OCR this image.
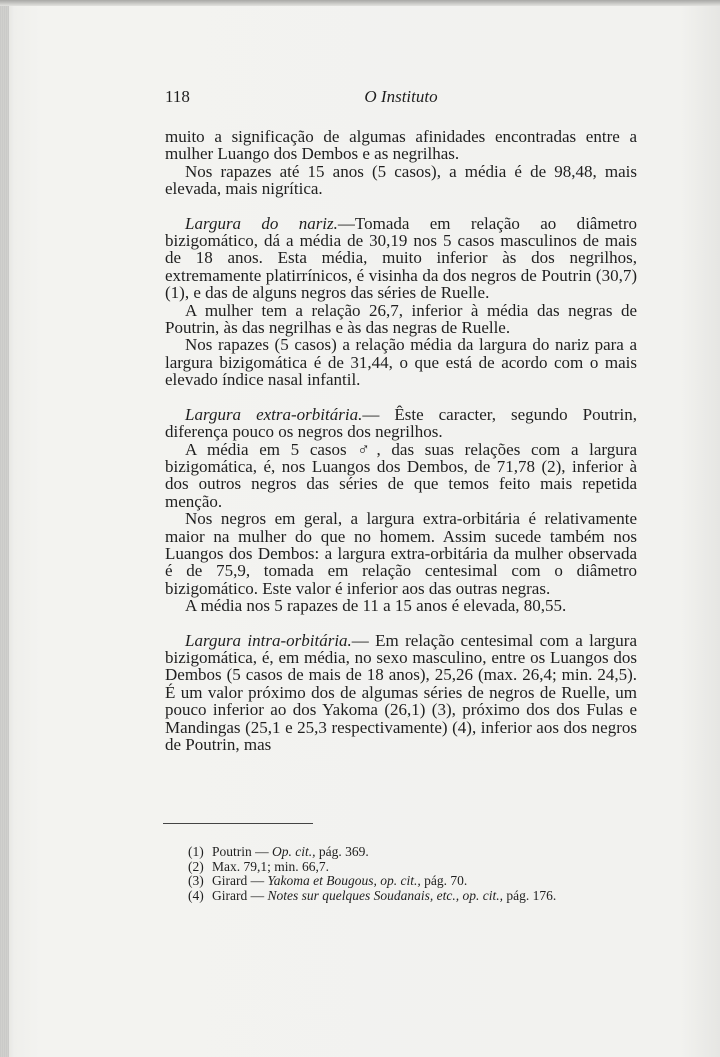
118	O Instituto

muito a significação de algumas afinidades encontradas entre a mulher Luango dos Dembos e as negrilhas.

Nos rapazes até 15 anos (5 casos), a média é de 98,48, mais elevada, mais nigrítica.

Largura do nariz.—Tomada em relação ao diâmetro bizigomático, dá a média de 30,19 nos 5 casos masculinos de mais de 18 anos. Esta média, muito inferior às dos negrilhos, extremamente platirrínicos, é visinha da dos negros de Poutrin (30,7) (1), e das de alguns negros das séries de Ruelle.

A mulher tem a relação 26,7, inferior à média das negras de Poutrin, às das negrilhas e às das negras de Ruelle.

Nos rapazes (5 casos) a relação média da largura do nariz para a largura bizigomática é de 31,44, o que está de acordo com o mais elevado índice nasal infantil.

Largura extra-orbitária.— Êste caracter, segundo Poutrin, diferença pouco os negros dos negrilhos.

A média em 5 casos ♂, das suas relações com a largura bizigomática, é, nos Luangos dos Dembos, de 71,78 (2), inferior à dos outros negros das séries de que temos feito mais repetida menção.

Nos negros em geral, a largura extra-orbitária é relativamente maior na mulher do que no homem. Assim sucede também nos Luangos dos Dembos: a largura extra-orbitária da mulher observada é de 75,9, tomada em relação centesimal com o diâmetro bizigomático. Este valor é inferior aos das outras negras.

A média nos 5 rapazes de 11 a 15 anos é elevada, 80,55.

Largura intra-orbitária.— Em relação centesimal com a largura bizigomática, é, em média, no sexo masculino, entre os Luangos dos Dembos (5 casos de mais de 18 anos), 25,26 (max. 26,4; min. 24,5). É um valor próximo dos de algumas séries de negros de Ruelle, um pouco inferior ao dos Yakoma (26,1) (3), próximo dos dos Fulas e Mandingas (25,1 e 25,3 respectivamente) (4), inferior aos dos negros de Poutrin, mas

(1) Poutrin — Op. cit., pág. 369.
(2) Max. 79,1; min. 66,7.
(3) Girard — Yakoma et Bougous, op. cit., pág. 70.
(4) Girard — Notes sur quelques Soudanais, etc., op. cit., pág. 176.
